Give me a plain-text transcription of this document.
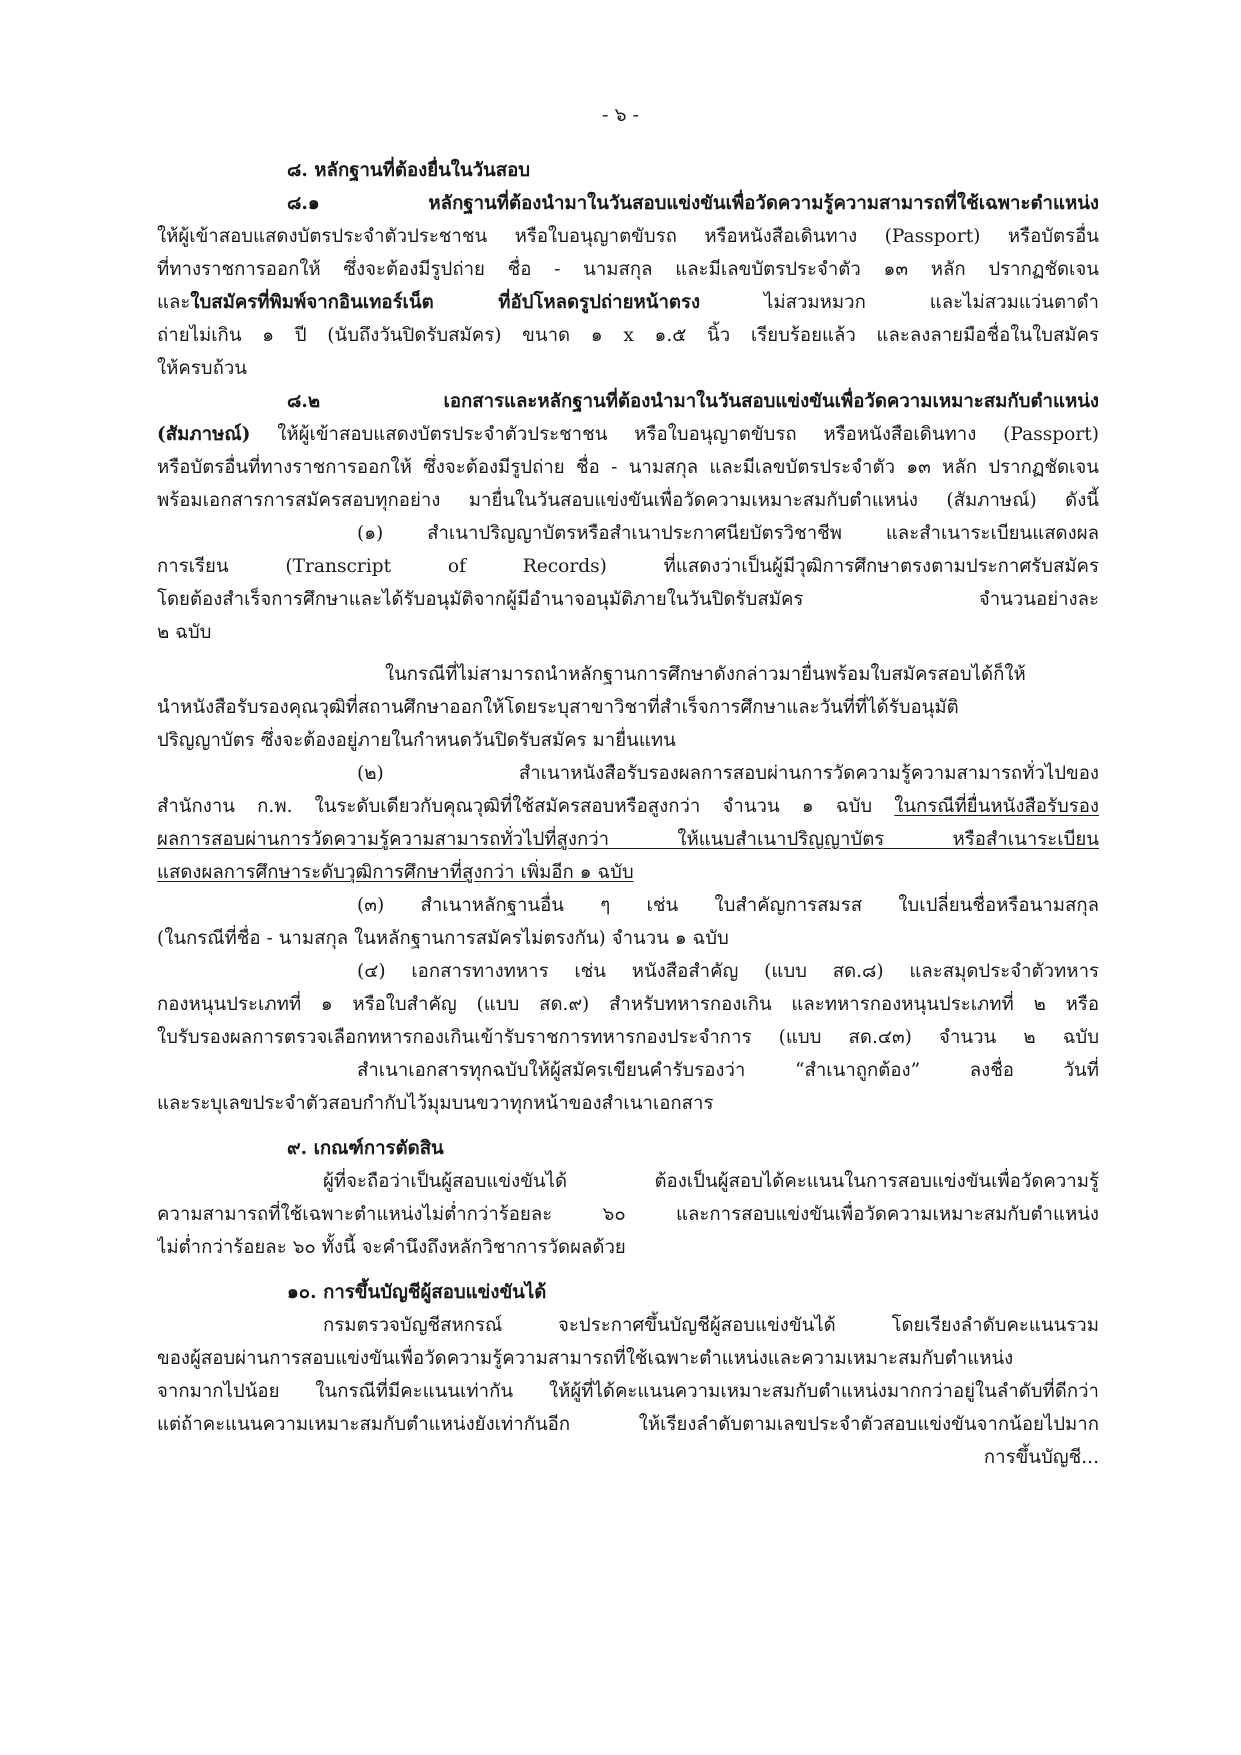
- ๖ -
๘. หลักฐานที่ต้องยื่นในวันสอบ
๘.๑ หลักฐานที่ต้องนำมาในวันสอบแข่งขันเพื่อวัดความรู้ความสามารถที่ใช้เฉพาะตำแหน่ง
ให้ผู้เข้าสอบแสดงบัตรประจำตัวประชาชน หรือใบอนุญาตขับรถ หรือหนังสือเดินทาง (Passport) หรือบัตรอื่น
ที่ทางราชการออกให้ ซึ่งจะต้องมีรูปถ่าย ชื่อ - นามสกุล และมีเลขบัตรประจำตัว ๑๓ หลัก ปรากฏชัดเจน
และใบสมัครที่พิมพ์จากอินเทอร์เน็ต ที่อัปโหลดรูปถ่ายหน้าตรง ไม่สวมหมวก และไม่สวมแว่นตาดำ
ถ่ายไม่เกิน ๑ ปี (นับถึงวันปิดรับสมัคร) ขนาด ๑ x ๑.๕ นิ้ว เรียบร้อยแล้ว และลงลายมือชื่อในใบสมัคร
ให้ครบถ้วน
๘.๒ เอกสารและหลักฐานที่ต้องนำมาในวันสอบแข่งขันเพื่อวัดความเหมาะสมกับตำแหน่ง
(สัมภาษณ์) ให้ผู้เข้าสอบแสดงบัตรประจำตัวประชาชน หรือใบอนุญาตขับรถ หรือหนังสือเดินทาง (Passport)
หรือบัตรอื่นที่ทางราชการออกให้ ซึ่งจะต้องมีรูปถ่าย ชื่อ - นามสกุล และมีเลขบัตรประจำตัว ๑๓ หลัก ปรากฏชัดเจน
พร้อมเอกสารการสมัครสอบทุกอย่าง มายื่นในวันสอบแข่งขันเพื่อวัดความเหมาะสมกับตำแหน่ง (สัมภาษณ์) ดังนี้
(๑) สำเนาปริญญาบัตรหรือสำเนาประกาศนียบัตรวิชาชีพ และสำเนาระเบียนแสดงผล
การเรียน (Transcript of Records) ที่แสดงว่าเป็นผู้มีวุฒิการศึกษาตรงตามประกาศรับสมัคร
โดยต้องสำเร็จการศึกษาและได้รับอนุมัติจากผู้มีอำนาจอนุมัติภายในวันปิดรับสมัคร จำนวนอย่างละ
๒ ฉบับ
ในกรณีที่ไม่สามารถนำหลักฐานการศึกษาดังกล่าวมายื่นพร้อมใบสมัครสอบได้ก็ให้
นำหนังสือรับรองคุณวุฒิที่สถานศึกษาออกให้โดยระบุสาขาวิชาที่สำเร็จการศึกษาและวันที่ที่ได้รับอนุมัติ
ปริญญาบัตร ซึ่งจะต้องอยู่ภายในกำหนดวันปิดรับสมัคร มายื่นแทน
(๒) สำเนาหนังสือรับรองผลการสอบผ่านการวัดความรู้ความสามารถทั่วไปของ
สำนักงาน ก.พ. ในระดับเดียวกับคุณวุฒิที่ใช้สมัครสอบหรือสูงกว่า จำนวน ๑ ฉบับ ในกรณีที่ยื่นหนังสือรับรอง
ผลการสอบผ่านการวัดความรู้ความสามารถทั่วไปที่สูงกว่า ให้แนบสำเนาปริญญาบัตร หรือสำเนาระเบียน
แสดงผลการศึกษาระดับวุฒิการศึกษาที่สูงกว่า เพิ่มอีก ๑ ฉบับ
(๓) สำเนาหลักฐานอื่น ๆ เช่น ใบสำคัญการสมรส ใบเปลี่ยนชื่อหรือนามสกุล
(ในกรณีที่ชื่อ - นามสกุล ในหลักฐานการสมัครไม่ตรงกัน) จำนวน ๑ ฉบับ
(๔) เอกสารทางทหาร เช่น หนังสือสำคัญ (แบบ สด.๘) และสมุดประจำตัวทหาร
กองหนุนประเภทที่ ๑ หรือใบสำคัญ (แบบ สด.๙) สำหรับทหารกองเกิน และทหารกองหนุนประเภทที่ ๒ หรือ
ใบรับรองผลการตรวจเลือกทหารกองเกินเข้ารับราชการทหารกองประจำการ (แบบ สด.๔๓) จำนวน ๒ ฉบับ
สำเนาเอกสารทุกฉบับให้ผู้สมัครเขียนคำรับรองว่า “สำเนาถูกต้อง” ลงชื่อ วันที่
และระบุเลขประจำตัวสอบกำกับไว้มุมบนขวาทุกหน้าของสำเนาเอกสาร
๙. เกณฑ์การตัดสิน
ผู้ที่จะถือว่าเป็นผู้สอบแข่งขันได้ ต้องเป็นผู้สอบได้คะแนนในการสอบแข่งขันเพื่อวัดความรู้
ความสามารถที่ใช้เฉพาะตำแหน่งไม่ต่ำกว่าร้อยละ ๖๐ และการสอบแข่งขันเพื่อวัดความเหมาะสมกับตำแหน่ง
ไม่ต่ำกว่าร้อยละ ๖๐ ทั้งนี้ จะคำนึงถึงหลักวิชาการวัดผลด้วย
๑๐. การขึ้นบัญชีผู้สอบแข่งขันได้
กรมตรวจบัญชีสหกรณ์ จะประกาศขึ้นบัญชีผู้สอบแข่งขันได้ โดยเรียงลำดับคะแนนรวม
ของผู้สอบผ่านการสอบแข่งขันเพื่อวัดความรู้ความสามารถที่ใช้เฉพาะตำแหน่งและความเหมาะสมกับตำแหน่ง
จากมากไปน้อย ในกรณีที่มีคะแนนเท่ากัน ให้ผู้ที่ได้คะแนนความเหมาะสมกับตำแหน่งมากกว่าอยู่ในลำดับที่ดีกว่า
แต่ถ้าคะแนนความเหมาะสมกับตำแหน่งยังเท่ากันอีก ให้เรียงลำดับตามเลขประจำตัวสอบแข่งขันจากน้อยไปมาก
การขึ้นบัญชี...
